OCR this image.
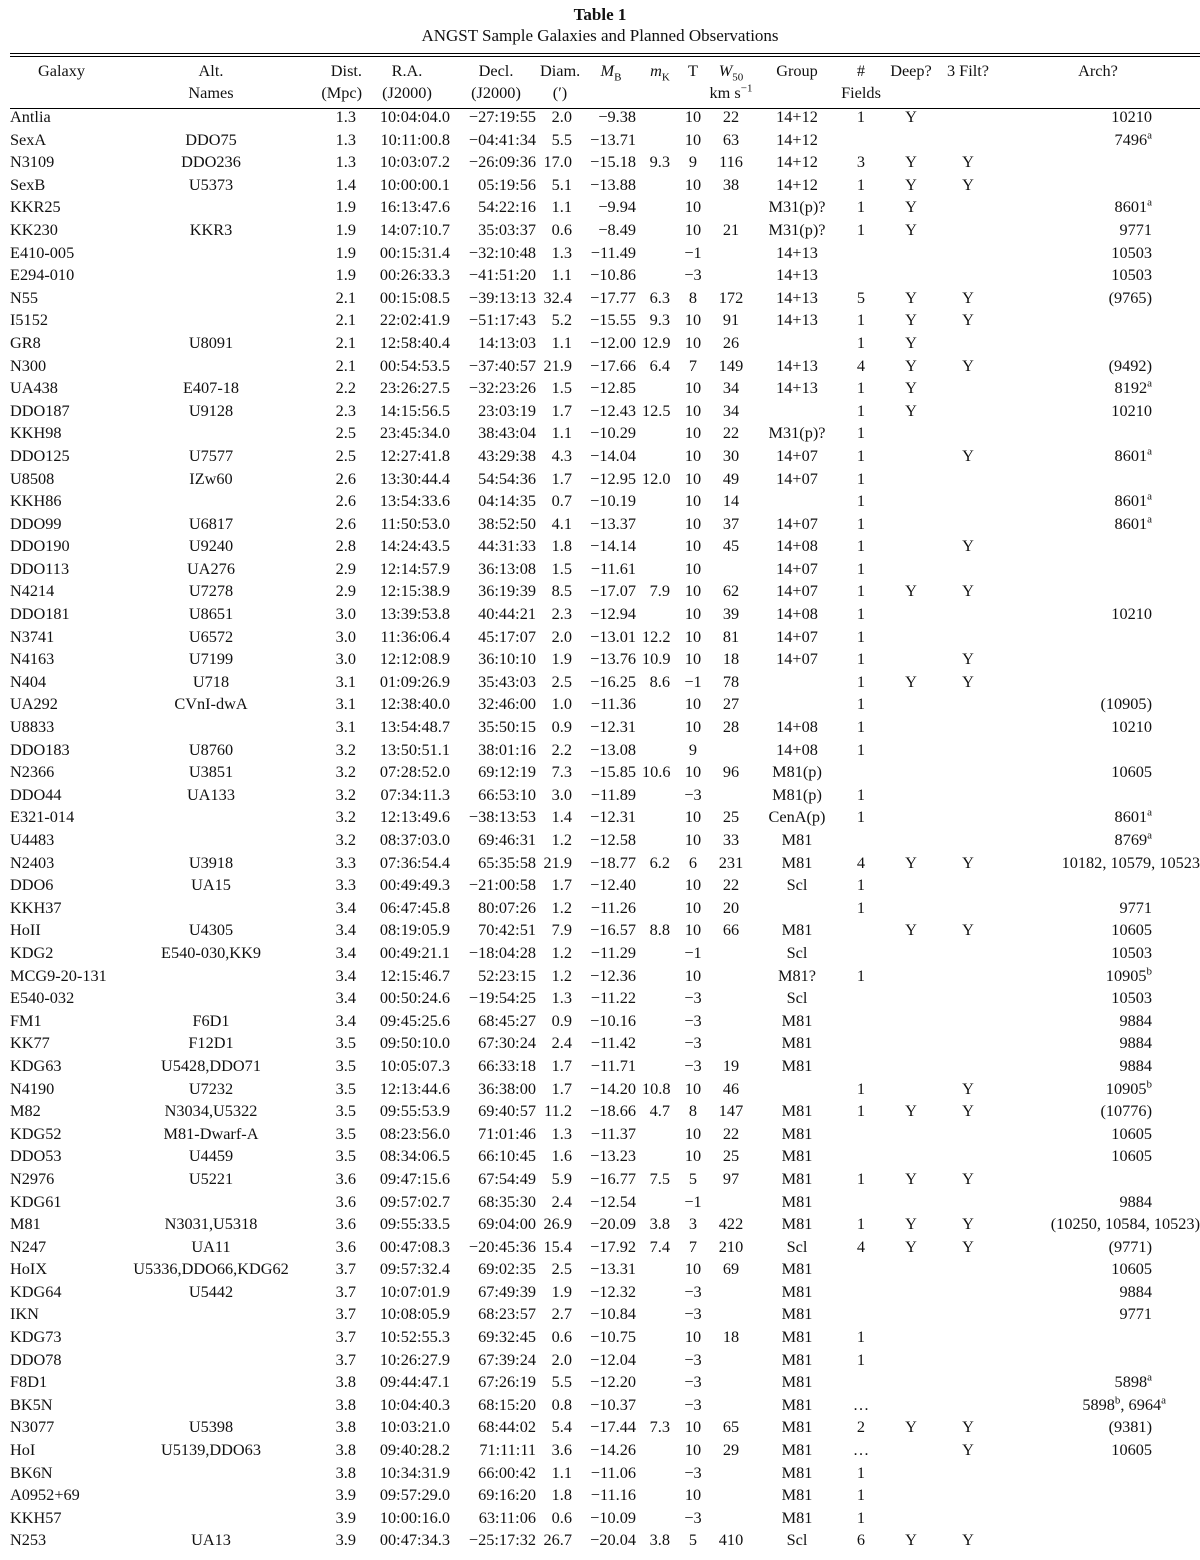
Table 1
ANGST Sample Galaxies and Planned Observations
Galaxy	Alt.	Dist.	R.A.	Decl.	Diam.	$M_B$	$m_K$	T	$W_{50}$	Group	#	Deep?	3 Filt?	Arch?
	Names	(Mpc)	(J2000)	(J2000)	(′)				km $s^{-1}$		Fields			
Antlia		1.3	10:04:04.0	−27:19:55	2.0	−9.38		10	22	14+12	1	Y		10210
SexA	DDO75	1.3	10:11:00.8	−04:41:34	5.5	−13.71		10	63	14+12				7496$^a$
N3109	DDO236	1.3	10:03:07.2	−26:09:36	17.0	−15.18	9.3	9	116	14+12	3	Y	Y	
SexB	U5373	1.4	10:00:00.1	05:19:56	5.1	−13.88		10	38	14+12	1	Y	Y	
KKR25		1.9	16:13:47.6	54:22:16	1.1	−9.94		10		M31(p)?	1	Y		8601$^a$
KK230	KKR3	1.9	14:07:10.7	35:03:37	0.6	−8.49		10	21	M31(p)?	1	Y		9771
E410-005		1.9	00:15:31.4	−32:10:48	1.3	−11.49		−1		14+13				10503
E294-010		1.9	00:26:33.3	−41:51:20	1.1	−10.86		−3		14+13				10503
N55		2.1	00:15:08.5	−39:13:13	32.4	−17.77	6.3	8	172	14+13	5	Y	Y	(9765)
I5152		2.1	22:02:41.9	−51:17:43	5.2	−15.55	9.3	10	91	14+13	1	Y	Y	
GR8	U8091	2.1	12:58:40.4	14:13:03	1.1	−12.00	12.9	10	26		1	Y		
N300		2.1	00:54:53.5	−37:40:57	21.9	−17.66	6.4	7	149	14+13	4	Y	Y	(9492)
UA438	E407-18	2.2	23:26:27.5	−32:23:26	1.5	−12.85		10	34	14+13	1	Y		8192$^a$
DDO187	U9128	2.3	14:15:56.5	23:03:19	1.7	−12.43	12.5	10	34		1	Y		10210
KKH98		2.5	23:45:34.0	38:43:04	1.1	−10.29		10	22	M31(p)?	1			
DDO125	U7577	2.5	12:27:41.8	43:29:38	4.3	−14.04		10	30	14+07	1		Y	8601$^a$
U8508	IZw60	2.6	13:30:44.4	54:54:36	1.7	−12.95	12.0	10	49	14+07	1			
KKH86		2.6	13:54:33.6	04:14:35	0.7	−10.19		10	14		1			8601$^a$
DDO99	U6817	2.6	11:50:53.0	38:52:50	4.1	−13.37		10	37	14+07	1			8601$^a$
DDO190	U9240	2.8	14:24:43.5	44:31:33	1.8	−14.14		10	45	14+08	1		Y	
DDO113	UA276	2.9	12:14:57.9	36:13:08	1.5	−11.61		10		14+07	1			
N4214	U7278	2.9	12:15:38.9	36:19:39	8.5	−17.07	7.9	10	62	14+07	1	Y	Y	
DDO181	U8651	3.0	13:39:53.8	40:44:21	2.3	−12.94		10	39	14+08	1			10210
N3741	U6572	3.0	11:36:06.4	45:17:07	2.0	−13.01	12.2	10	81	14+07	1			
N4163	U7199	3.0	12:12:08.9	36:10:10	1.9	−13.76	10.9	10	18	14+07	1		Y	
N404	U718	3.1	01:09:26.9	35:43:03	2.5	−16.25	8.6	−1	78		1	Y	Y	
UA292	CVnI-dwA	3.1	12:38:40.0	32:46:00	1.0	−11.36		10	27		1			(10905)
U8833		3.1	13:54:48.7	35:50:15	0.9	−12.31		10	28	14+08	1			10210
DDO183	U8760	3.2	13:50:51.1	38:01:16	2.2	−13.08		9		14+08	1			
N2366	U3851	3.2	07:28:52.0	69:12:19	7.3	−15.85	10.6	10	96	M81(p)				10605
DDO44	UA133	3.2	07:34:11.3	66:53:10	3.0	−11.89		−3		M81(p)	1			
E321-014		3.2	12:13:49.6	−38:13:53	1.4	−12.31		10	25	CenA(p)	1			8601$^a$
U4483		3.2	08:37:03.0	69:46:31	1.2	−12.58		10	33	M81				8769$^a$
N2403	U3918	3.3	07:36:54.4	65:35:58	21.9	−18.77	6.2	6	231	M81	4	Y	Y	10182, 10579, 10523
DDO6	UA15	3.3	00:49:49.3	−21:00:58	1.7	−12.40		10	22	Scl	1			
KKH37		3.4	06:47:45.8	80:07:26	1.2	−11.26		10	20		1			9771
HoII	U4305	3.4	08:19:05.9	70:42:51	7.9	−16.57	8.8	10	66	M81		Y	Y	10605
KDG2	E540-030,KK9	3.4	00:49:21.1	−18:04:28	1.2	−11.29		−1		Scl				10503
MCG9-20-131		3.4	12:15:46.7	52:23:15	1.2	−12.36		10		M81?	1			10905$^b$
E540-032		3.4	00:50:24.6	−19:54:25	1.3	−11.22		−3		Scl				10503
FM1	F6D1	3.4	09:45:25.6	68:45:27	0.9	−10.16		−3		M81				9884
KK77	F12D1	3.5	09:50:10.0	67:30:24	2.4	−11.42		−3		M81				9884
KDG63	U5428,DDO71	3.5	10:05:07.3	66:33:18	1.7	−11.71		−3	19	M81				9884
N4190	U7232	3.5	12:13:44.6	36:38:00	1.7	−14.20	10.8	10	46		1		Y	10905$^b$
M82	N3034,U5322	3.5	09:55:53.9	69:40:57	11.2	−18.66	4.7	8	147	M81	1	Y	Y	(10776)
KDG52	M81-Dwarf-A	3.5	08:23:56.0	71:01:46	1.3	−11.37		10	22	M81				10605
DDO53	U4459	3.5	08:34:06.5	66:10:45	1.6	−13.23		10	25	M81				10605
N2976	U5221	3.6	09:47:15.6	67:54:49	5.9	−16.77	7.5	5	97	M81	1	Y	Y	
KDG61		3.6	09:57:02.7	68:35:30	2.4	−12.54		−1		M81				9884
M81	N3031,U5318	3.6	09:55:33.5	69:04:00	26.9	−20.09	3.8	3	422	M81	1	Y	Y	(10250, 10584, 10523)
N247	UA11	3.6	00:47:08.3	−20:45:36	15.4	−17.92	7.4	7	210	Scl	4	Y	Y	(9771)
HoIX	U5336,DDO66,KDG62	3.7	09:57:32.4	69:02:35	2.5	−13.31		10	69	M81				10605
KDG64	U5442	3.7	10:07:01.9	67:49:39	1.9	−12.32		−3		M81				9884
IKN		3.7	10:08:05.9	68:23:57	2.7	−10.84		−3		M81				9771
KDG73		3.7	10:52:55.3	69:32:45	0.6	−10.75		10	18	M81	1			
DDO78		3.7	10:26:27.9	67:39:24	2.0	−12.04		−3		M81	1			
F8D1		3.8	09:44:47.1	67:26:19	5.5	−12.20		−3		M81				5898$^a$
BK5N		3.8	10:04:40.3	68:15:20	0.8	−10.37		−3		M81	…			5898$^b$, 6964$^a$
N3077	U5398	3.8	10:03:21.0	68:44:02	5.4	−17.44	7.3	10	65	M81	2	Y	Y	(9381)
HoI	U5139,DDO63	3.8	09:40:28.2	71:11:11	3.6	−14.26		10	29	M81	…		Y	10605
BK6N		3.8	10:34:31.9	66:00:42	1.1	−11.06		−3		M81	1			
A0952+69		3.9	09:57:29.0	69:16:20	1.8	−11.16		10		M81	1			
KKH57		3.9	10:00:16.0	63:11:06	0.6	−10.09		−3		M81	1			
N253	UA13	3.9	00:47:34.3	−25:17:32	26.7	−20.04	3.8	5	410	Scl	6	Y	Y	
